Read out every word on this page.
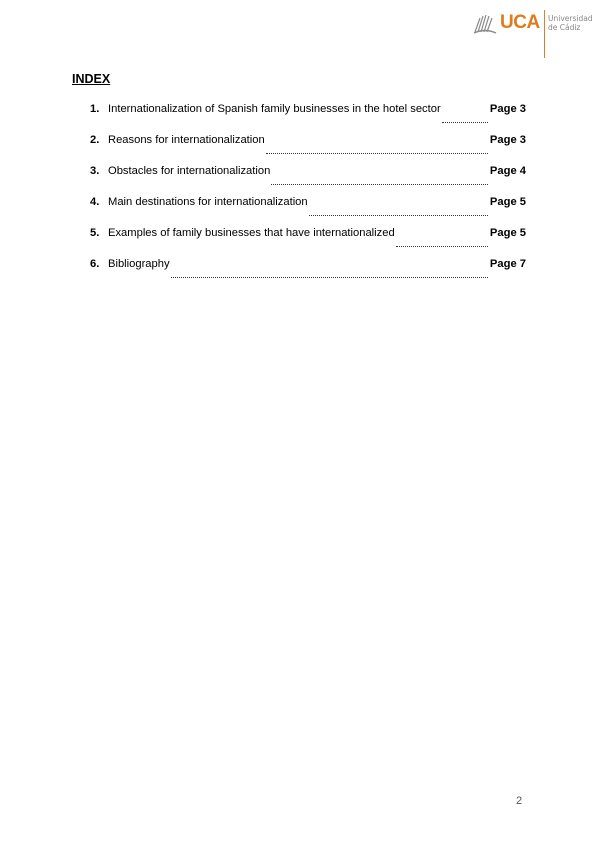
UCA Universidad
de Cádiz
INDEX
1. Internationalization of Spanish family businesses in the hotel sector	Page 3
2. Reasons for internationalization	Page 3
3. Obstacles for internationalization	Page 4
4. Main destinations for internationalization	Page 5
5. Examples of family businesses that have internationalized	Page 5
6. Bibliography	Page 7
2
